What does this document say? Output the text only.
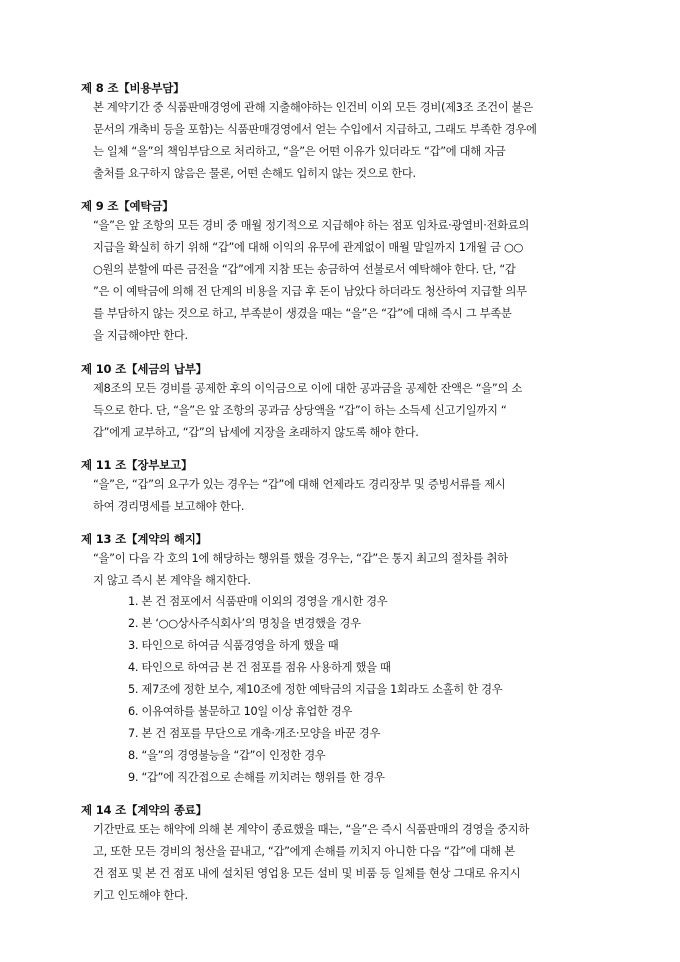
제 8 조【비용부담】
본 계약기간 중 식품판매경영에 관해 지출해야하는 인건비 이외 모든 경비(제3조 조건이 붙은
문서의 개축비 등을 포함)는 식품판매경영에서 얻는 수입에서 지급하고, 그래도 부족한 경우에
는 일체 “을”의 책임부담으로 처리하고, “을”은 어떤 이유가 있더라도 “갑”에 대해 자금
출처를 요구하지 않음은 물론, 어떤 손해도 입히지 않는 것으로 한다.
제 9 조【예탁금】
“을”은 앞 조항의 모든 경비 중 매월 정기적으로 지급해야 하는 점포 임차료·광열비·전화료의
지급을 확실히 하기 위해 “갑”에 대해 이익의 유무에 관계없이 매월 말일까지 1개월 금 ○○
○원의 분할에 따른 금전을 “갑”에게 지참 또는 송금하여 선불로서 예탁해야 한다. 단, “갑
”은 이 예탁금에 의해 전 단계의 비용을 지급 후 돈이 남았다 하더라도 청산하여 지급할 의무
를 부담하지 않는 것으로 하고, 부족분이 생겼을 때는 “을”은 “갑”에 대해 즉시 그 부족분
을 지급해야만 한다.
제 10 조【세금의 납부】
제8조의 모든 경비를 공제한 후의 이익금으로 이에 대한 공과금을 공제한 잔액은 “을”의 소
득으로 한다. 단, “을”은 앞 조항의 공과금 상당액을 “갑”이 하는 소득세 신고기일까지 “
갑”에게 교부하고, “갑”의 납세에 지장을 초래하지 않도록 해야 한다.
제 11 조【장부보고】
“을”은, “갑”의 요구가 있는 경우는 “갑”에 대해 언제라도 경리장부 및 증빙서류를 제시
하여 경리명세를 보고해야 한다.
제 13 조【계약의 해지】
“을”이 다음 각 호의 1에 해당하는 행위를 했을 경우는, “갑”은 통지 최고의 절차를 취하
지 않고 즉시 본 계약을 해지한다.
1. 본 건 점포에서 식품판매 이외의 경영을 개시한 경우
2. 본 ‘○○상사주식회사’의 명칭을 변경했을 경우
3. 타인으로 하여금 식품경영을 하게 했을 때
4. 타인으로 하여금 본 건 점포를 점유 사용하게 했을 때
5. 제7조에 정한 보수, 제10조에 정한 예탁금의 지급을 1회라도 소홀히 한 경우
6. 이유여하를 불문하고 10일 이상 휴업한 경우
7. 본 건 점포를 무단으로 개축·개조·모양을 바꾼 경우
8. “을”의 경영불능을 “갑”이 인정한 경우
9. “갑”에 직간접으로 손해를 끼치려는 행위를 한 경우
제 14 조【계약의 종료】
기간만료 또는 해약에 의해 본 계약이 종료했을 때는, “을”은 즉시 식품판매의 경영을 중지하
고, 또한 모든 경비의 청산을 끝내고, “갑”에게 손해를 끼치지 아니한 다음 “갑”에 대해 본
건 점포 및 본 건 점포 내에 설치된 영업용 모든 설비 및 비품 등 일체를 현상 그대로 유지시
키고 인도해야 한다.
